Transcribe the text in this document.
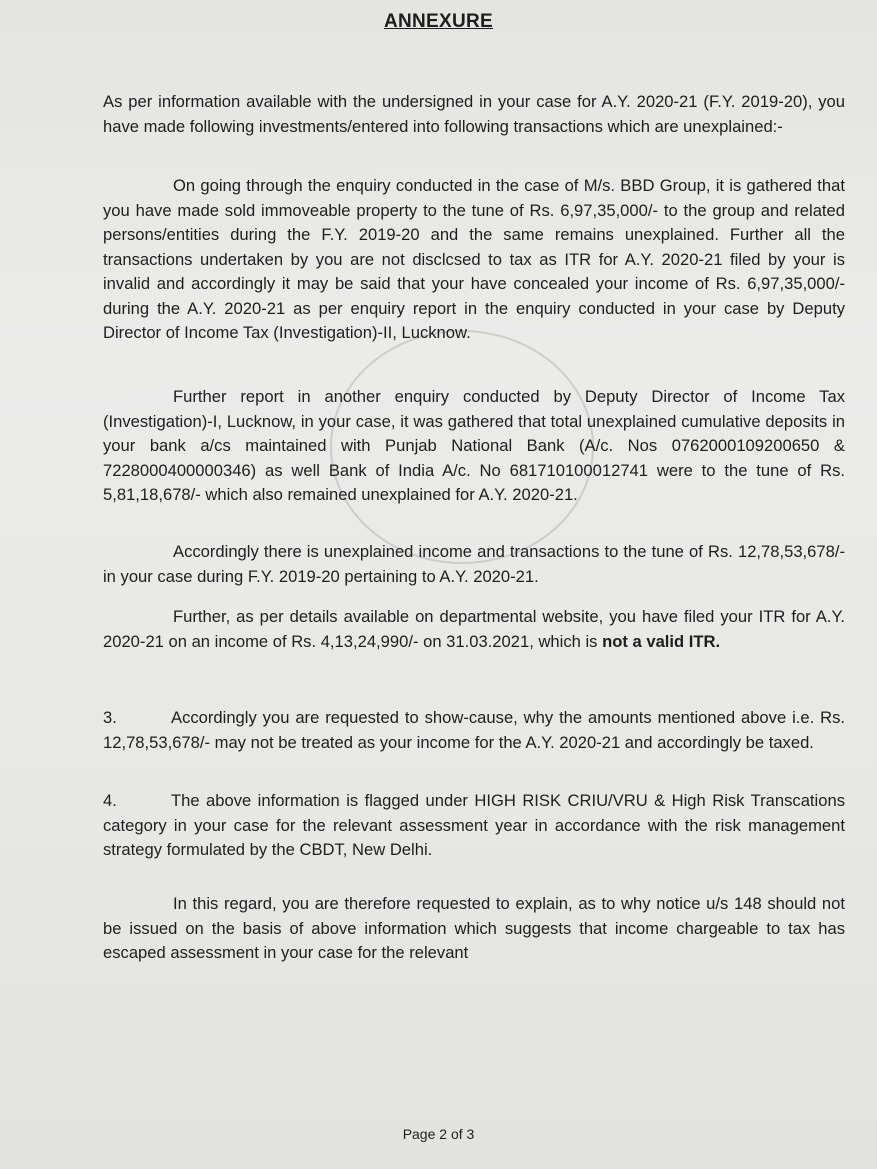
ANNEXURE

As per information available with the undersigned in your case for A.Y. 2020-21 (F.Y. 2019-20), you have made following investments/entered into following transactions which are unexplained:-

On going through the enquiry conducted in the case of M/s. BBD Group, it is gathered that you have made sold immoveable property to the tune of Rs. 6,97,35,000/- to the group and related persons/entities during the F.Y. 2019-20 and the same remains unexplained. Further all the transactions undertaken by you are not disclcsed to tax as ITR for A.Y. 2020-21 filed by your is invalid and accordingly it may be said that your have concealed your income of Rs. 6,97,35,000/- during the A.Y. 2020-21 as per enquiry report in the enquiry conducted in your case by Deputy Director of Income Tax (Investigation)-II, Lucknow.

Further report in another enquiry conducted by Deputy Director of Income Tax (Investigation)-I, Lucknow, in your case, it was gathered that total unexplained cumulative deposits in your bank a/cs maintained with Punjab National Bank (A/c. Nos 0762000109200650 & 7228000400000346) as well Bank of India A/c. No 681710100012741 were to the tune of Rs. 5,81,18,678/- which also remained unexplained for A.Y. 2020-21.

Accordingly there is unexplained income and transactions to the tune of Rs. 12,78,53,678/- in your case during F.Y. 2019-20 pertaining to A.Y. 2020-21.

Further, as per details available on departmental website, you have filed your ITR for A.Y. 2020-21 on an income of Rs. 4,13,24,990/- on 31.03.2021, which is not a valid ITR.

3.	Accordingly you are requested to show-cause, why the amounts mentioned above i.e. Rs. 12,78,53,678/- may not be treated as your income for the A.Y. 2020-21 and accordingly be taxed.

4.	The above information is flagged under HIGH RISK CRIU/VRU & High Risk Transcations category in your case for the relevant assessment year in accordance with the risk management strategy formulated by the CBDT, New Delhi.

In this regard, you are therefore requested to explain, as to why notice u/s 148 should not be issued on the basis of above information which suggests that income chargeable to tax has escaped assessment in your case for the relevant

Page 2 of 3
